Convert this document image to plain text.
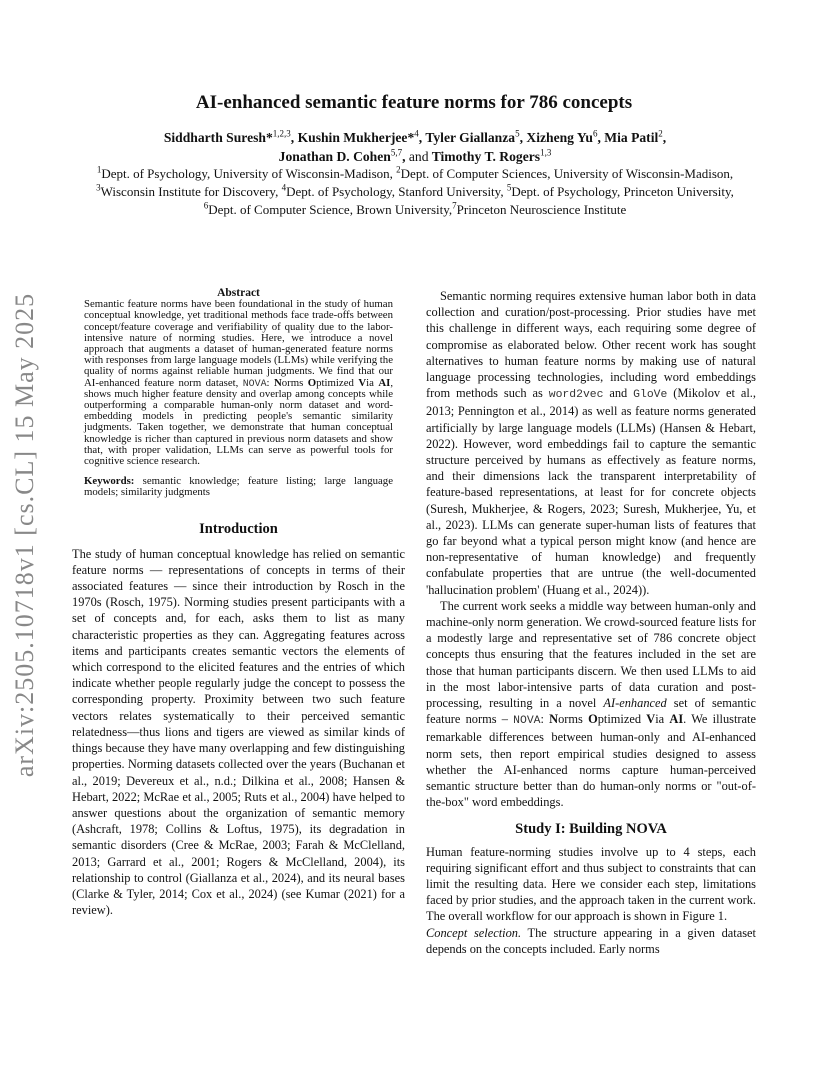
arXiv:2505.10718v1 [cs.CL] 15 May 2025
AI-enhanced semantic feature norms for 786 concepts
Siddharth Suresh*$^{1,2,3}$, Kushin Mukherjee*$^4$, Tyler Giallanza$^5$, Xizheng Yu$^6$, Mia Patil$^2$,
Jonathan D. Cohen$^{5,7}$, and Timothy T. Rogers$^{1,3}$
$^1$Dept. of Psychology, University of Wisconsin-Madison, $^2$Dept. of Computer Sciences, University of Wisconsin-Madison,
$^3$Wisconsin Institute for Discovery, $^4$Dept. of Psychology, Stanford University, $^5$Dept. of Psychology, Princeton University,
$^6$Dept. of Computer Science, Brown University,$^7$Princeton Neuroscience Institute

Abstract

Semantic feature norms have been foundational in the study of human conceptual knowledge, yet traditional methods face trade-offs between concept/feature coverage and verifiability of quality due to the labor-intensive nature of norming studies. Here, we introduce a novel approach that augments a dataset of human-generated feature norms with responses from large language models (LLMs) while verifying the quality of norms against reliable human judgments. We find that our AI-enhanced feature norm dataset, NOVA: Norms Optimized Via AI, shows much higher feature density and overlap among concepts while outperforming a comparable human-only norm dataset and word-embedding models in predicting people's semantic similarity judgments. Taken together, we demonstrate that human conceptual knowledge is richer than captured in previous norm datasets and show that, with proper validation, LLMs can serve as powerful tools for cognitive science research.

Keywords: semantic knowledge; feature listing; large language models; similarity judgments

Introduction

The study of human conceptual knowledge has relied on semantic feature norms — representations of concepts in terms of their associated features — since their introduction by Rosch in the 1970s (Rosch, 1975). Norming studies present participants with a set of concepts and, for each, asks them to list as many characteristic properties as they can. Aggregating features across items and participants creates semantic vectors the elements of which correspond to the elicited features and the entries of which indicate whether people regularly judge the concept to possess the corresponding property. Proximity between two such feature vectors relates systematically to their perceived semantic relatedness—thus lions and tigers are viewed as similar kinds of things because they have many overlapping and few distinguishing properties. Norming datasets collected over the years (Buchanan et al., 2019; Devereux et al., n.d.; Dilkina et al., 2008; Hansen & Hebart, 2022; McRae et al., 2005; Ruts et al., 2004) have helped to answer questions about the organization of semantic memory (Ashcraft, 1978; Collins & Loftus, 1975), its degradation in semantic disorders (Cree & McRae, 2003; Farah & McClelland, 2013; Garrard et al., 2001; Rogers & McClelland, 2004), its relationship to control (Giallanza et al., 2024), and its neural bases (Clarke & Tyler, 2014; Cox et al., 2024) (see Kumar (2021) for a review).

Semantic norming requires extensive human labor both in data collection and curation/post-processing. Prior studies have met this challenge in different ways, each requiring some degree of compromise as elaborated below. Other recent work has sought alternatives to human feature norms by making use of natural language processing technologies, including word embeddings from methods such as word2vec and GloVe (Mikolov et al., 2013; Pennington et al., 2014) as well as feature norms generated artificially by large language models (LLMs) (Hansen & Hebart, 2022). However, word embeddings fail to capture the semantic structure perceived by humans as effectively as feature norms, and their dimensions lack the transparent interpretability of feature-based representations, at least for for concrete objects (Suresh, Mukherjee, & Rogers, 2023; Suresh, Mukherjee, Yu, et al., 2023). LLMs can generate super-human lists of features that go far beyond what a typical person might know (and hence are non-representative of human knowledge) and frequently confabulate properties that are untrue (the well-documented 'hallucination problem' (Huang et al., 2024)).

The current work seeks a middle way between human-only and machine-only norm generation. We crowd-sourced feature lists for a modestly large and representative set of 786 concrete object concepts thus ensuring that the features included in the set are those that human participants discern. We then used LLMs to aid in the most labor-intensive parts of data curation and post-processing, resulting in a novel AI-enhanced set of semantic feature norms – NOVA: Norms Optimized Via AI. We illustrate remarkable differences between human-only and AI-enhanced norm sets, then report empirical studies designed to assess whether the AI-enhanced norms capture human-perceived semantic structure better than do human-only norms or "out-of-the-box" word embeddings.

Study I: Building NOVA

Human feature-norming studies involve up to 4 steps, each requiring significant effort and thus subject to constraints that can limit the resulting data. Here we consider each step, limitations faced by prior studies, and the approach taken in the current work. The overall workflow for our approach is shown in Figure 1.

Concept selection. The structure appearing in a given dataset depends on the concepts included. Early norms
